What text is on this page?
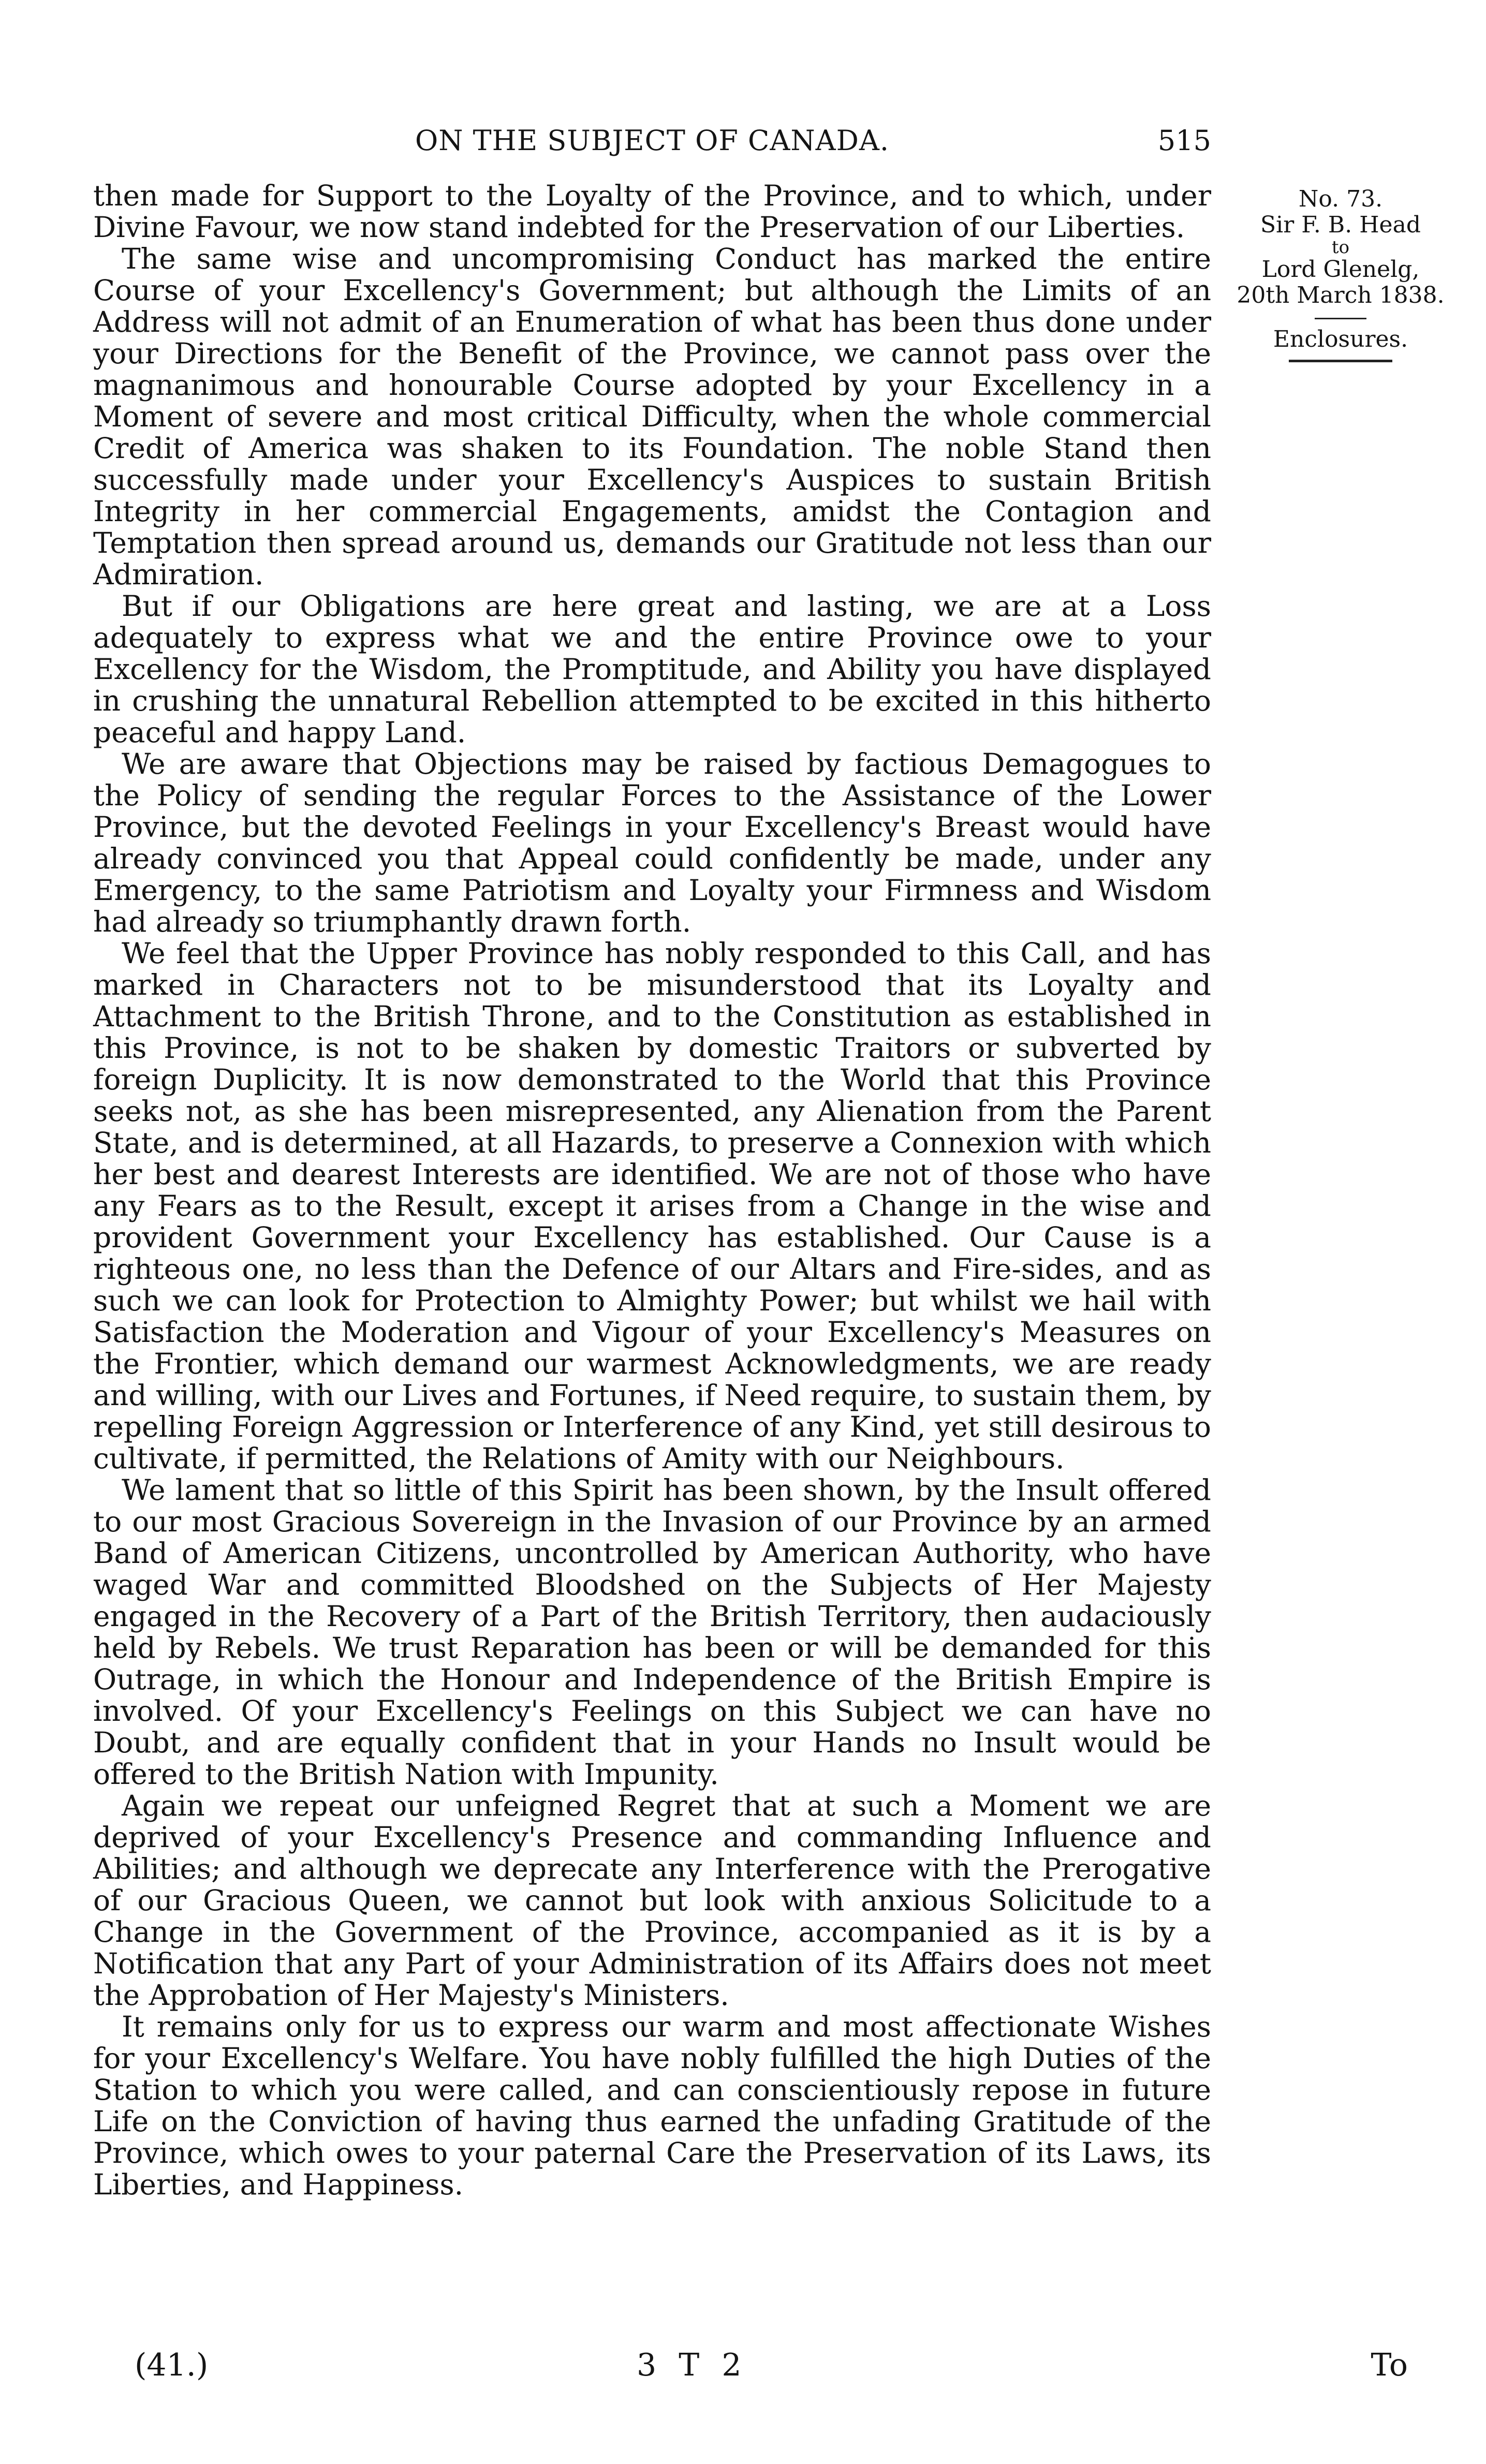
ON THE SUBJECT OF CANADA.	515

then made for Support to the Loyalty of the Province, and to which, under Divine Favour, we now stand indebted for the Preservation of our Liberties.

The same wise and uncompromising Conduct has marked the entire Course of your Excellency's Government; but although the Limits of an Address will not admit of an Enumeration of what has been thus done under your Directions for the Benefit of the Province, we cannot pass over the magnanimous and honourable Course adopted by your Excellency in a Moment of severe and most critical Difficulty, when the whole commercial Credit of America was shaken to its Foundation. The noble Stand then successfully made under your Excellency's Auspices to sustain British Integrity in her commercial Engagements, amidst the Contagion and Temptation then spread around us, demands our Gratitude not less than our Admiration.

But if our Obligations are here great and lasting, we are at a Loss adequately to express what we and the entire Province owe to your Excellency for the Wisdom, the Promptitude, and Ability you have displayed in crushing the unnatural Rebellion attempted to be excited in this hitherto peaceful and happy Land.

We are aware that Objections may be raised by factious Demagogues to the Policy of sending the regular Forces to the Assistance of the Lower Province, but the devoted Feelings in your Excellency's Breast would have already convinced you that Appeal could confidently be made, under any Emergency, to the same Patriotism and Loyalty your Firmness and Wisdom had already so triumphantly drawn forth.

We feel that the Upper Province has nobly responded to this Call, and has marked in Characters not to be misunderstood that its Loyalty and Attachment to the British Throne, and to the Constitution as established in this Province, is not to be shaken by domestic Traitors or subverted by foreign Duplicity. It is now demonstrated to the World that this Province seeks not, as she has been misrepresented, any Alienation from the Parent State, and is determined, at all Hazards, to preserve a Connexion with which her best and dearest Interests are identified. We are not of those who have any Fears as to the Result, except it arises from a Change in the wise and provident Government your Excellency has established. Our Cause is a righteous one, no less than the Defence of our Altars and Fire-sides, and as such we can look for Protection to Almighty Power; but whilst we hail with Satisfaction the Moderation and Vigour of your Excellency's Measures on the Frontier, which demand our warmest Acknowledgments, we are ready and willing, with our Lives and Fortunes, if Need require, to sustain them, by repelling Foreign Aggression or Interference of any Kind, yet still desirous to cultivate, if permitted, the Relations of Amity with our Neighbours.

We lament that so little of this Spirit has been shown, by the Insult offered to our most Gracious Sovereign in the Invasion of our Province by an armed Band of American Citizens, uncontrolled by American Authority, who have waged War and committed Bloodshed on the Subjects of Her Majesty engaged in the Recovery of a Part of the British Territory, then audaciously held by Rebels. We trust Reparation has been or will be demanded for this Outrage, in which the Honour and Independence of the British Empire is involved. Of your Excellency's Feelings on this Subject we can have no Doubt, and are equally confident that in your Hands no Insult would be offered to the British Nation with Impunity.

Again we repeat our unfeigned Regret that at such a Moment we are deprived of your Excellency's Presence and commanding Influence and Abilities; and although we deprecate any Interference with the Prerogative of our Gracious Queen, we cannot but look with anxious Solicitude to a Change in the Government of the Province, accompanied as it is by a Notification that any Part of your Administration of its Affairs does not meet the Approbation of Her Majesty's Ministers.

It remains only for us to express our warm and most affectionate Wishes for your Excellency's Welfare. You have nobly fulfilled the high Duties of the Station to which you were called, and can conscientiously repose in future Life on the Conviction of having thus earned the unfading Gratitude of the Province, which owes to your paternal Care the Preservation of its Laws, its Liberties, and Happiness.

No. 73.
Sir F. B. Head
to
Lord Glenelg,
20th March 1838.
Enclosures.
(41.)	3 T 2	To
